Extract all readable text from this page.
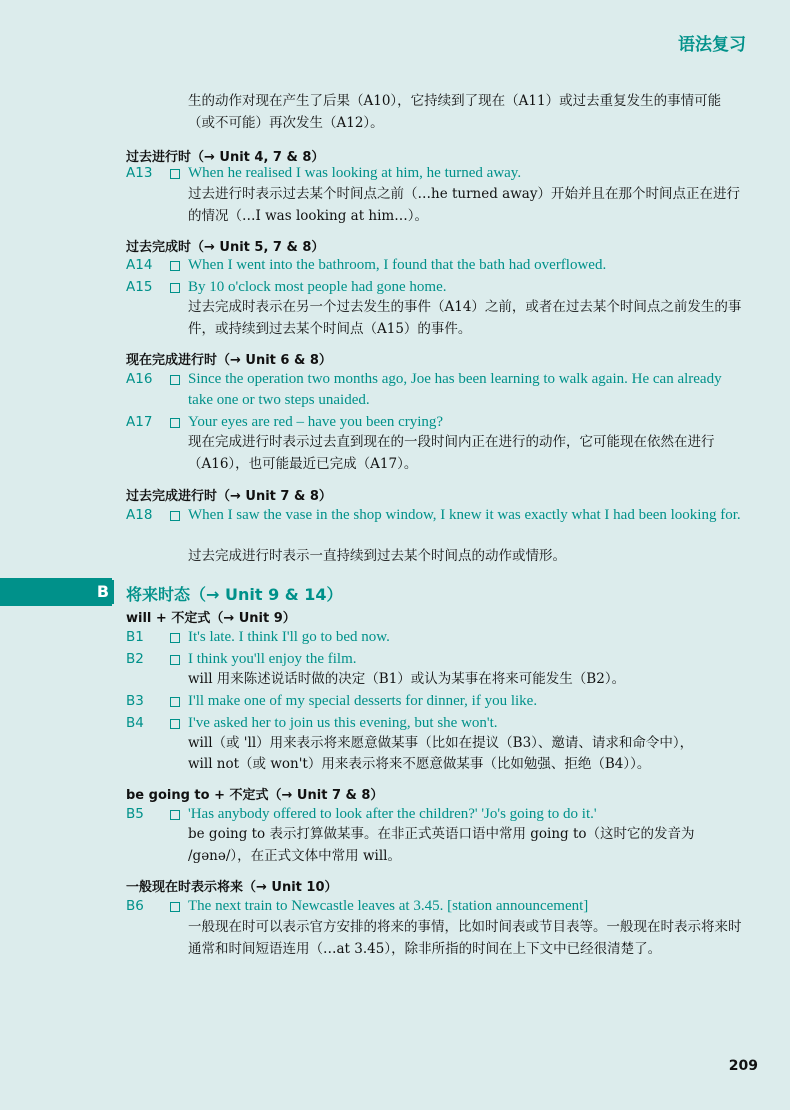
语法复习
生的动作对现在产生了后果（A10），它持续到了现在（A11）或过去重复发生的事情可能（或不可能）再次发生（A12）。
过去进行时（→ Unit 4, 7 & 8）
A13 When he realised I was looking at him, he turned away.
过去进行时表示过去某个时间点之前（…he turned away）开始并且在那个时间点正在进行的情况（…I was looking at him…）。
过去完成时（→ Unit 5, 7 & 8）
A14 When I went into the bathroom, I found that the bath had overflowed.
A15 By 10 o'clock most people had gone home.
过去完成时表示在另一个过去发生的事件（A14）之前，或者在过去某个时间点之前发生的事件，或持续到过去某个时间点（A15）的事件。
现在完成进行时（→ Unit 6 & 8）
A16 Since the operation two months ago, Joe has been learning to walk again. He can already take one or two steps unaided.
A17 Your eyes are red – have you been crying?
现在完成进行时表示过去直到现在的一段时间内正在进行的动作，它可能现在依然在进行（A16），也可能最近已完成（A17）。
过去完成进行时（→ Unit 7 & 8）
A18 When I saw the vase in the shop window, I knew it was exactly what I had been looking for.
过去完成进行时表示一直持续到过去某个时间点的动作或情形。
B	将来时态（→ Unit 9 & 14）
will + 不定式（→ Unit 9）
B1	It's late. I think I'll go to bed now.
B2	I think you'll enjoy the film.
will 用来陈述说话时做的决定（B1）或认为某事在将来可能发生（B2）。
B3	I'll make one of my special desserts for dinner, if you like.
B4	I've asked her to join us this evening, but she won't.
will（或 'll）用来表示将来愿意做某事（比如在提议（B3）、邀请、请求和命令中），
will not（或 won't）用来表示将来不愿意做某事（比如勉强、拒绝（B4））。
be going to + 不定式（→ Unit 7 & 8）
B5	'Has anybody offered to look after the children?' 'Jo's going to do it.'
be going to 表示打算做某事。在非正式英语口语中常用 going to（这时它的发音为 /gənə/），在正式文体中常用 will。
一般现在时表示将来（→ Unit 10）
B6	The next train to Newcastle leaves at 3.45. [station announcement]
一般现在时可以表示官方安排的将来的事情，比如时间表或节目表等。一般现在时表示将来时通常和时间短语连用（…at 3.45），除非所指的时间在上下文中已经很清楚了。
209
